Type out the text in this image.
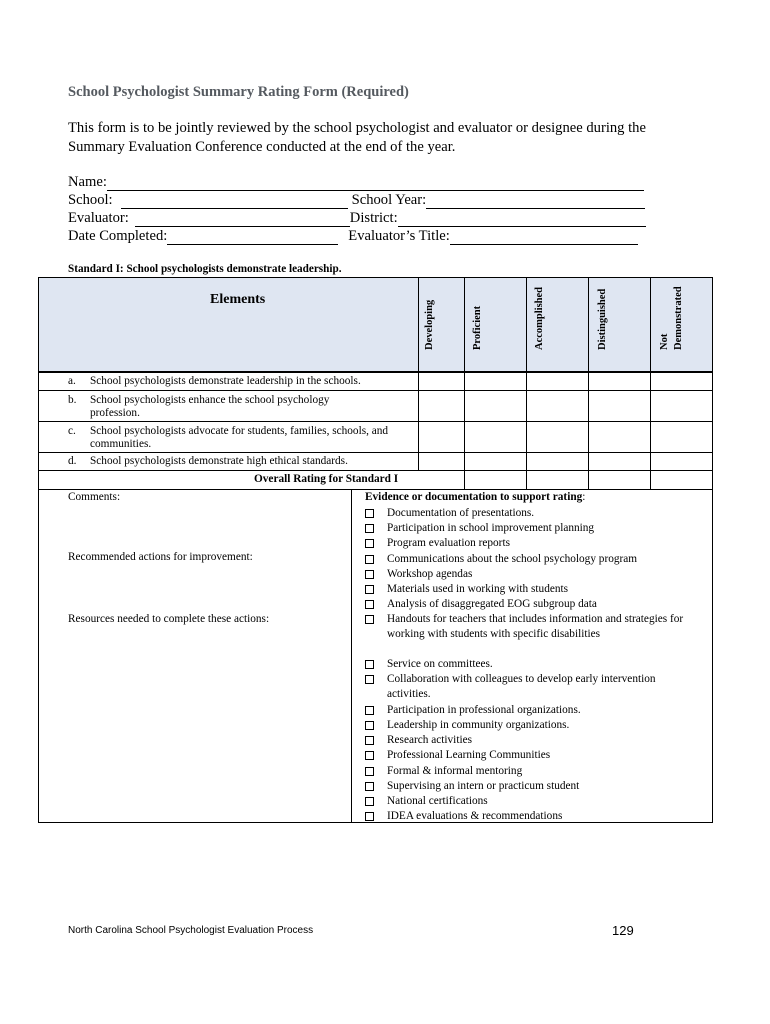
School Psychologist Summary Rating Form (Required)
This form is to be jointly reviewed by the school psychologist and evaluator or designee during the Summary Evaluation Conference conducted at the end of the year.
Name:
School:	School Year:
Evaluator:	District:
Date Completed:	Evaluator’s Title:
Standard I: School psychologists demonstrate leadership.
Elements
Developing	Proficient	Accomplished	Distinguished	Not Demonstrated
a. School psychologists demonstrate leadership in the schools.
b. School psychologists enhance the school psychology profession.
c. School psychologists advocate for students, families, schools, and communities.
d. School psychologists demonstrate high ethical standards.
Overall Rating for Standard I
Comments:
Recommended actions for improvement:
Resources needed to complete these actions:
Evidence or documentation to support rating:
Documentation of presentations.
Participation in school improvement planning
Program evaluation reports
Communications about the school psychology program
Workshop agendas
Materials used in working with students
Analysis of disaggregated EOG subgroup data
Handouts for teachers that includes information and strategies for working with students with specific disabilities
Service on committees.
Collaboration with colleagues to develop early intervention activities.
Participation in professional organizations.
Leadership in community organizations.
Research activities
Professional Learning Communities
Formal & informal mentoring
Supervising an intern or practicum student
National certifications
IDEA evaluations & recommendations
North Carolina School Psychologist Evaluation Process	129
